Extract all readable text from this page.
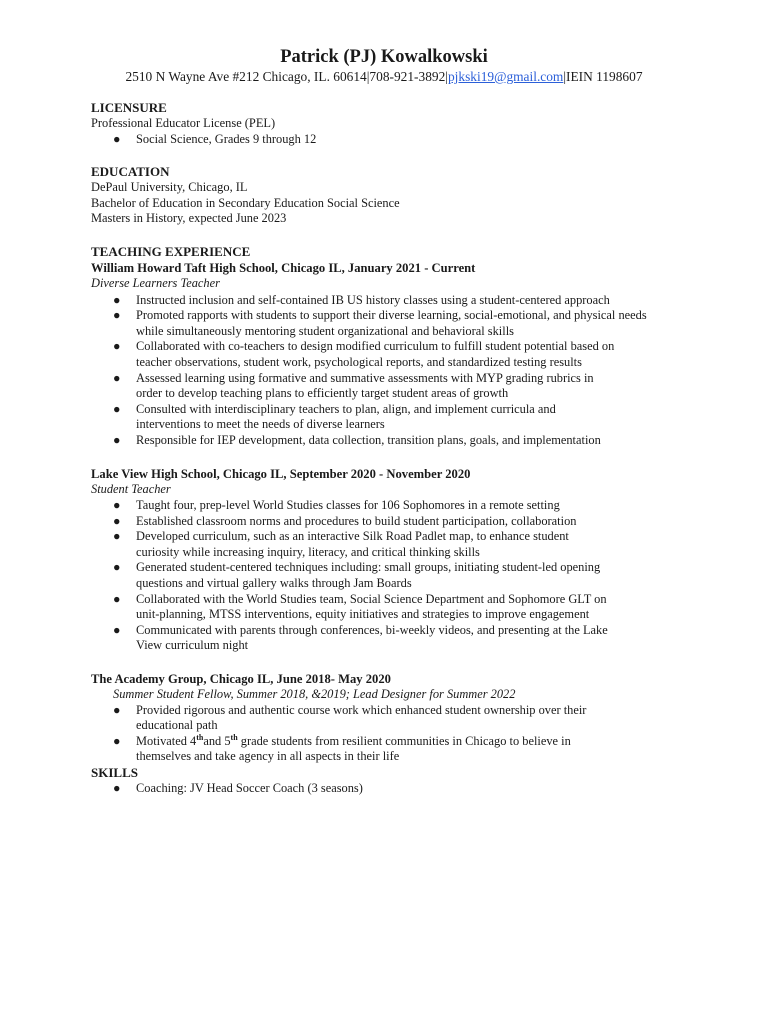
Patrick (PJ) Kowalkowski
2510 N Wayne Ave #212 Chicago, IL. 60614|708-921-3892|pjkski19@gmail.com|IEIN 1198607
LICENSURE
Professional Educator License (PEL)
● Social Science, Grades 9 through 12
EDUCATION
DePaul University, Chicago, IL
Bachelor of Education in Secondary Education Social Science
Masters in History, expected June 2023
TEACHING EXPERIENCE
William Howard Taft High School, Chicago IL, January 2021 - Current
Diverse Learners Teacher
● Instructed inclusion and self-contained IB US history classes using a student-centered approach
● Promoted rapports with students to support their diverse learning, social-emotional, and physical needs
while simultaneously mentoring student organizational and behavioral skills
● Collaborated with co-teachers to design modified curriculum to fulfill student potential based on
teacher observations, student work, psychological reports, and standardized testing results
● Assessed learning using formative and summative assessments with MYP grading rubrics in
order to develop teaching plans to efficiently target student areas of growth
● Consulted with interdisciplinary teachers to plan, align, and implement curricula and
interventions to meet the needs of diverse learners
● Responsible for IEP development, data collection, transition plans, goals, and implementation
Lake View High School, Chicago IL, September 2020 - November 2020
Student Teacher
● Taught four, prep-level World Studies classes for 106 Sophomores in a remote setting
● Established classroom norms and procedures to build student participation, collaboration
● Developed curriculum, such as an interactive Silk Road Padlet map, to enhance student
curiosity while increasing inquiry, literacy, and critical thinking skills
● Generated student-centered techniques including: small groups, initiating student-led opening
questions and virtual gallery walks through Jam Boards
● Collaborated with the World Studies team, Social Science Department and Sophomore GLT on
unit-planning, MTSS interventions, equity initiatives and strategies to improve engagement
● Communicated with parents through conferences, bi-weekly videos, and presenting at the Lake
View curriculum night
The Academy Group, Chicago IL, June 2018- May 2020
Summer Student Fellow, Summer 2018, &2019; Lead Designer for Summer 2022
● Provided rigorous and authentic course work which enhanced student ownership over their
educational path
● Motivated 4thand 5th grade students from resilient communities in Chicago to believe in
themselves and take agency in all aspects in their life
SKILLS
● Coaching: JV Head Soccer Coach (3 seasons)
